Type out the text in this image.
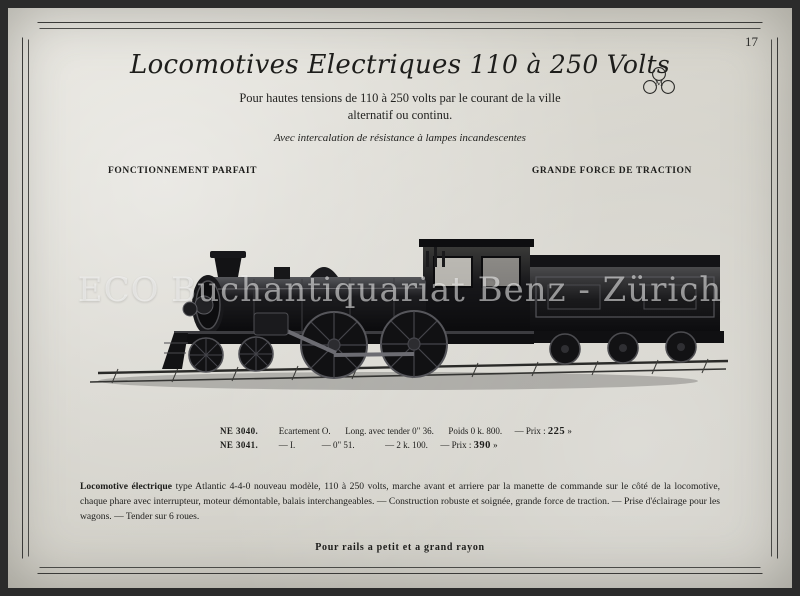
17
Locomotives Electriques 110 à 250 Volts
Pour hautes tensions de 110 à 250 volts par le courant de la ville
alternatif ou continu.
Avec intercalation de résistance à lampes incandescentes
FONCTIONNEMENT PARFAIT	GRANDE FORCE DE TRACTION
M
ECO Buchantiquariat Benz - Zürich
NE 3040. Ecartement O. Long. avec tender 0" 36. Poids 0 k. 800. — Prix : 225 »
NE 3041. — I.	— 0" 51.	— 2 k. 100. — Prix : 390 »
Locomotive électrique type Atlantic 4-4-0 nouveau modèle, 110 à 250 volts, marche avant et arriere par la manette de commande sur le côté de la locomotive, chaque phare avec interrupteur, moteur démontable, balais interchangeables. — Construction robuste et soignée, grande force de traction. — Prise d'éclairage pour les wagons. — Tender sur 6 roues.
Pour rails a petit et a grand rayon
